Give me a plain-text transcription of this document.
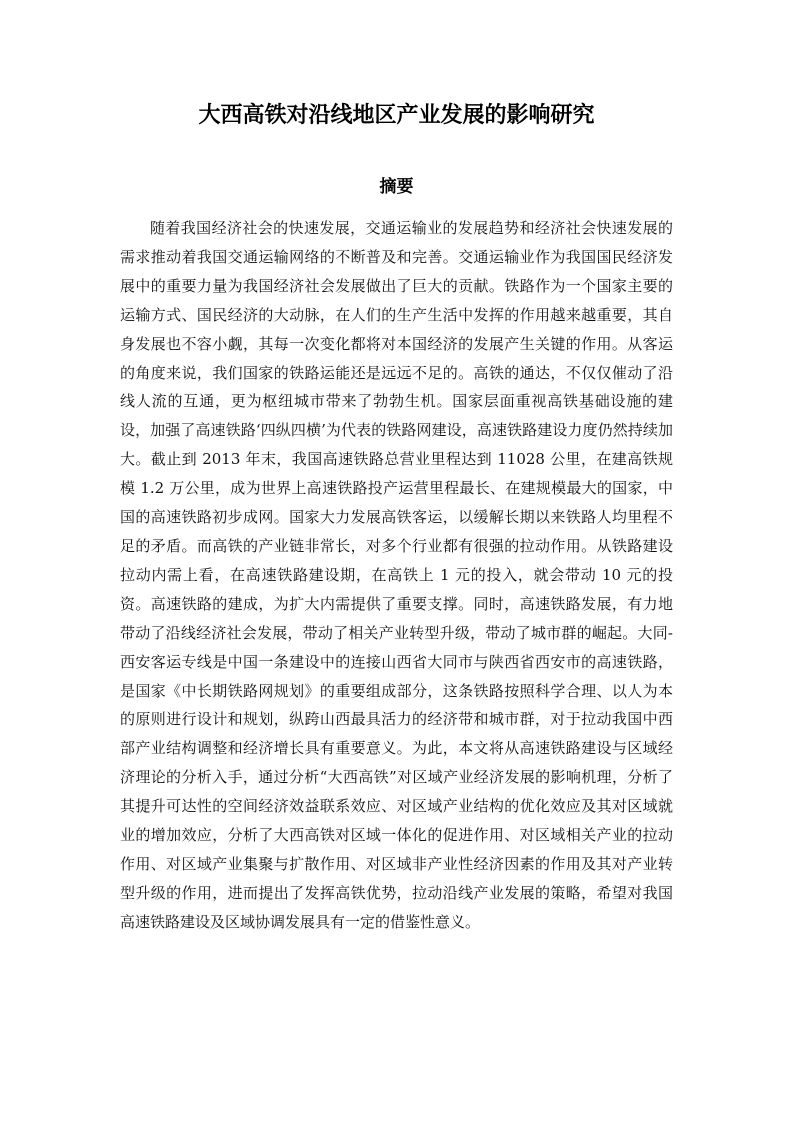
大西高铁对沿线地区产业发展的影响研究
摘要

随着我国经济社会的快速发展，交通运输业的发展趋势和经济社会快速发展的需求推动着我国交通运输网络的不断普及和完善。交通运输业作为我国国民经济发展中的重要力量为我国经济社会发展做出了巨大的贡献。铁路作为一个国家主要的运输方式、国民经济的大动脉，在人们的生产生活中发挥的作用越来越重要，其自身发展也不容小觑，其每一次变化都将对本国经济的发展产生关键的作用。从客运的角度来说，我们国家的铁路运能还是远远不足的。高铁的通达，不仅仅催动了沿线人流的互通，更为枢纽城市带来了勃勃生机。国家层面重视高铁基础设施的建设，加强了高速铁路‘四纵四横’为代表的铁路网建设，高速铁路建设力度仍然持续加大。截止到 2013 年末，我国高速铁路总营业里程达到 11028 公里，在建高铁规模 1.2 万公里，成为世界上高速铁路投产运营里程最长、在建规模最大的国家，中国的高速铁路初步成网。国家大力发展高铁客运，以缓解长期以来铁路人均里程不足的矛盾。而高铁的产业链非常长，对多个行业都有很强的拉动作用。从铁路建设拉动内需上看，在高速铁路建设期，在高铁上 1 元的投入，就会带动 10 元的投资。高速铁路的建成，为扩大内需提供了重要支撑。同时，高速铁路发展，有力地带动了沿线经济社会发展，带动了相关产业转型升级，带动了城市群的崛起。大同-西安客运专线是中国一条建设中的连接山西省大同市与陕西省西安市的高速铁路，是国家《中长期铁路网规划》的重要组成部分，这条铁路按照科学合理、以人为本的原则进行设计和规划，纵跨山西最具活力的经济带和城市群，对于拉动我国中西部产业结构调整和经济增长具有重要意义。为此，本文将从高速铁路建设与区域经济理论的分析入手，通过分析“大西高铁”对区域产业经济发展的影响机理，分析了其提升可达性的空间经济效益联系效应、对区域产业结构的优化效应及其对区域就业的增加效应，分析了大西高铁对区域一体化的促进作用、对区域相关产业的拉动作用、对区域产业集聚与扩散作用、对区域非产业性经济因素的作用及其对产业转型升级的作用，进而提出了发挥高铁优势，拉动沿线产业发展的策略，希望对我国高速铁路建设及区域协调发展具有一定的借鉴性意义。
